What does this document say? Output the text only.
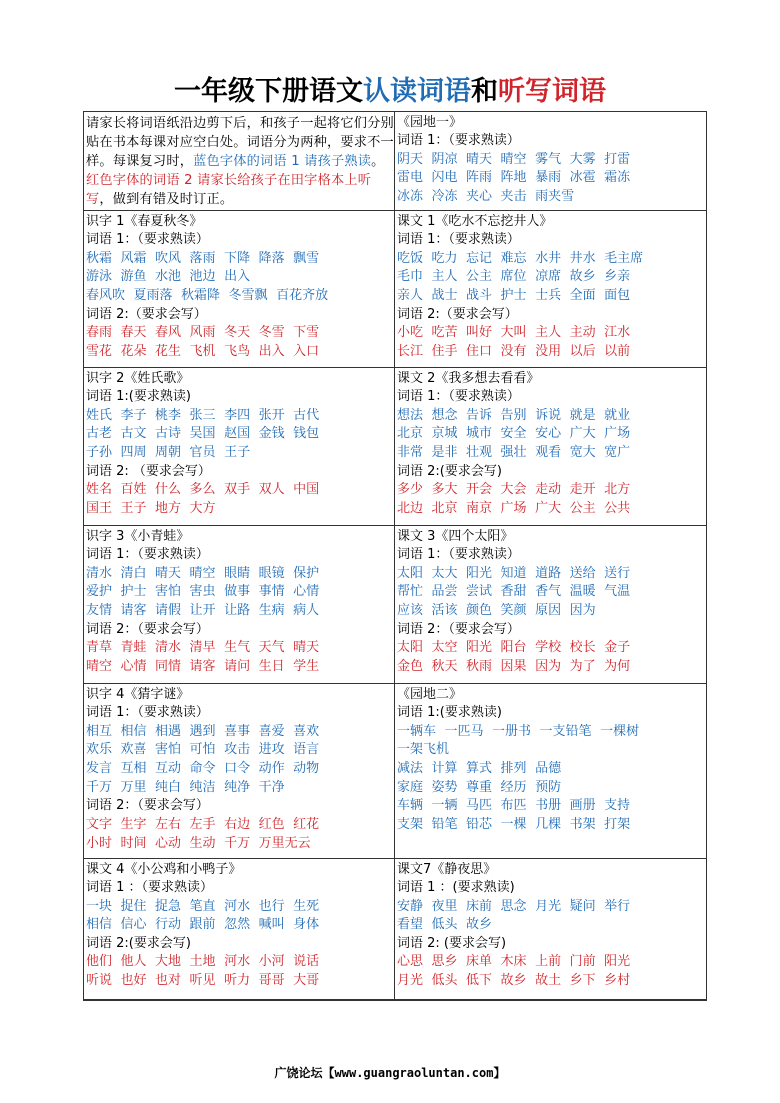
一年级下册语文认读词语和听写词语
请家长将词语纸沿边剪下后，和孩子一起将它们分别贴在书本每课对应空白处。词语分为两种，要求不一样。每课复习时，蓝色字体的词语 1 请孩子熟读。红色字体的词语 2 请家长给孩子在田字格本上听写，做到有错及时订正。
《园地一》
词语 1：（要求熟读）
阴天 阴凉 晴天 晴空 雾气 大雾 打雷
雷电 闪电 阵雨 阵地 暴雨 冰雹 霜冻
冰冻 冷冻 夹心 夹击 雨夹雪
识字 1《春夏秋冬》
词语 1：（要求熟读）
秋霜 风霜 吹风 落雨 下降 降落 飘雪
游泳 游鱼 水池 池边 出入
春风吹 夏雨落 秋霜降 冬雪飘 百花齐放
词语 2:（要求会写）
春雨 春天 春风 风雨 冬天 冬雪 下雪
雪花 花朵 花生 飞机 飞鸟 出入 入口
课文 1《吃水不忘挖井人》
词语 1：（要求熟读）
吃饭 吃力 忘记 难忘 水井 井水 毛主席
毛巾 主人 公主 席位 凉席 故乡 乡亲
亲人 战士 战斗 护士 士兵 全面 面包
词语 2:（要求会写）
小吃 吃苦 叫好 大叫 主人 主动 江水
长江 住手 住口 没有 没用 以后 以前
识字 2《姓氏歌》
词语 1:(要求熟读)
姓氏 李子 桃李 张三 李四 张开 古代
古老 古文 古诗 吴国 赵国 金钱 钱包
子孙 四周 周朝 官员 王子
词语 2: （要求会写）
姓名 百姓 什么 多么 双手 双人 中国
国王 王子 地方 大方
课文 2《我多想去看看》
词语 1：（要求熟读）
想法 想念 告诉 告别 诉说 就是 就业
北京 京城 城市 安全 安心 广大 广场
非常 是非 壮观 强壮 观看 宽大 宽广
词语 2:(要求会写)
多少 多大 开会 大会 走动 走开 北方
北边 北京 南京 广场 广大 公主 公共
识字 3《小青蛙》
词语 1：（要求熟读）
清水 清白 晴天 晴空 眼睛 眼镜 保护
爱护 护士 害怕 害虫 做事 事情 心情
友情 请客 请假 让开 让路 生病 病人
词语 2：（要求会写）
青草 青蛙 清水 清早 生气 天气 晴天
晴空 心情 同情 请客 请问 生日 学生
课文 3《四个太阳》
词语 1：（要求熟读）
太阳 太大 阳光 知道 道路 送给 送行
帮忙 品尝 尝试 香甜 香气 温暖 气温
应该 活该 颜色 笑颜 原因 因为
词语 2：（要求会写）
太阳 太空 阳光 阳台 学校 校长 金子
金色 秋天 秋雨 因果 因为 为了 为何
识字 4《猜字谜》
词语 1：（要求熟读）
相互 相信 相遇 遇到 喜事 喜爱 喜欢
欢乐 欢喜 害怕 可怕 攻击 进攻 语言
发言 互相 互动 命令 口令 动作 动物
千万 万里 纯白 纯洁 纯净 干净
词语 2：（要求会写）
文字 生字 左右 左手 右边 红色 红花
小时 时间 心动 生动 千万 万里无云
《园地二》
词语 1:(要求熟读)
一辆车 一匹马 一册书 一支铅笔 一棵树
一架飞机
减法 计算 算式 排列 品德
家庭 姿势 尊重 经历 预防
车辆 一辆 马匹 布匹 书册 画册 支持
支架 铅笔 铅芯 一棵 几棵 书架 打架
课文 4《小公鸡和小鸭子》
词语 1 ：（要求熟读）
一块 捉住 捉急 笔直 河水 也行 生死
相信 信心 行动 跟前 忽然 喊叫 身体
词语 2:(要求会写)
他们 他人 大地 土地 河水 小河 说话
听说 也好 也对 听见 听力 哥哥 大哥
课文7《静夜思》
词语 1 ：(要求熟读)
安静 夜里 床前 思念 月光 疑问 举行
看望 低头 故乡
词语 2: (要求会写)
心思 思乡 床单 木床 上前 门前 阳光
月光 低头 低下 故乡 故土 乡下 乡村
广饶论坛【www.guangraoluntan.com】
